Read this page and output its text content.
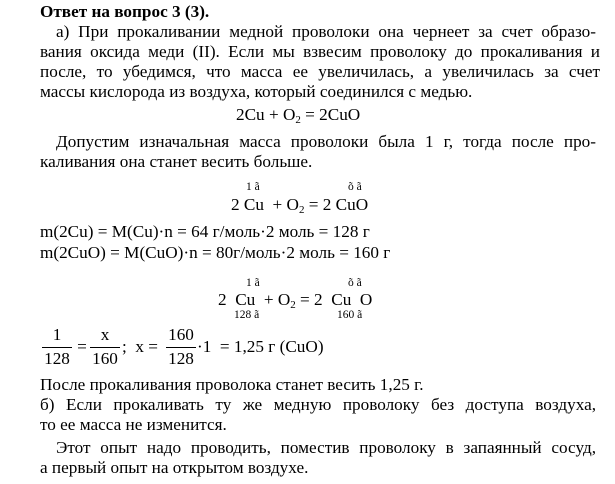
Ответ на вопрос 3 (3).
а) При прокаливании медной проволоки она чернеет за счет образо-
вания оксида меди (II). Если мы взвесим проволоку до прокаливания и
после, то убедимся, что масса ее увеличилась, а увеличилась за счет
массы кислорода из воздуха, который соединился с медью.
$2Cu + O_2 = 2CuO$
Допустим изначальная масса проволоки была 1 г, тогда после про-
каливания она станет весить больше.
1 ã	õ ã
2 $Cu + O_2 = 2$ CuO
m(2Cu) = M(Cu)·n = 64 г/моль·2 моль = 128 г
m(2CuO) = M(CuO)·n = 80г/моль·2 моль = 160 г
1 ã	õ ã
2  $Cu + O_2 = 2$  Cu  O
128 ã	160 ã
1
128
=
x
160
;  x =
160
128
·1  = 1,25 г (CuO)
После прокаливания проволока станет весить 1,25 г.
б) Если прокаливать ту же медную проволоку без доступа воздуха,
то ее масса не изменится.
Этот опыт надо проводить, поместив проволоку в запаянный сосуд,
а первый опыт на открытом воздухе.
